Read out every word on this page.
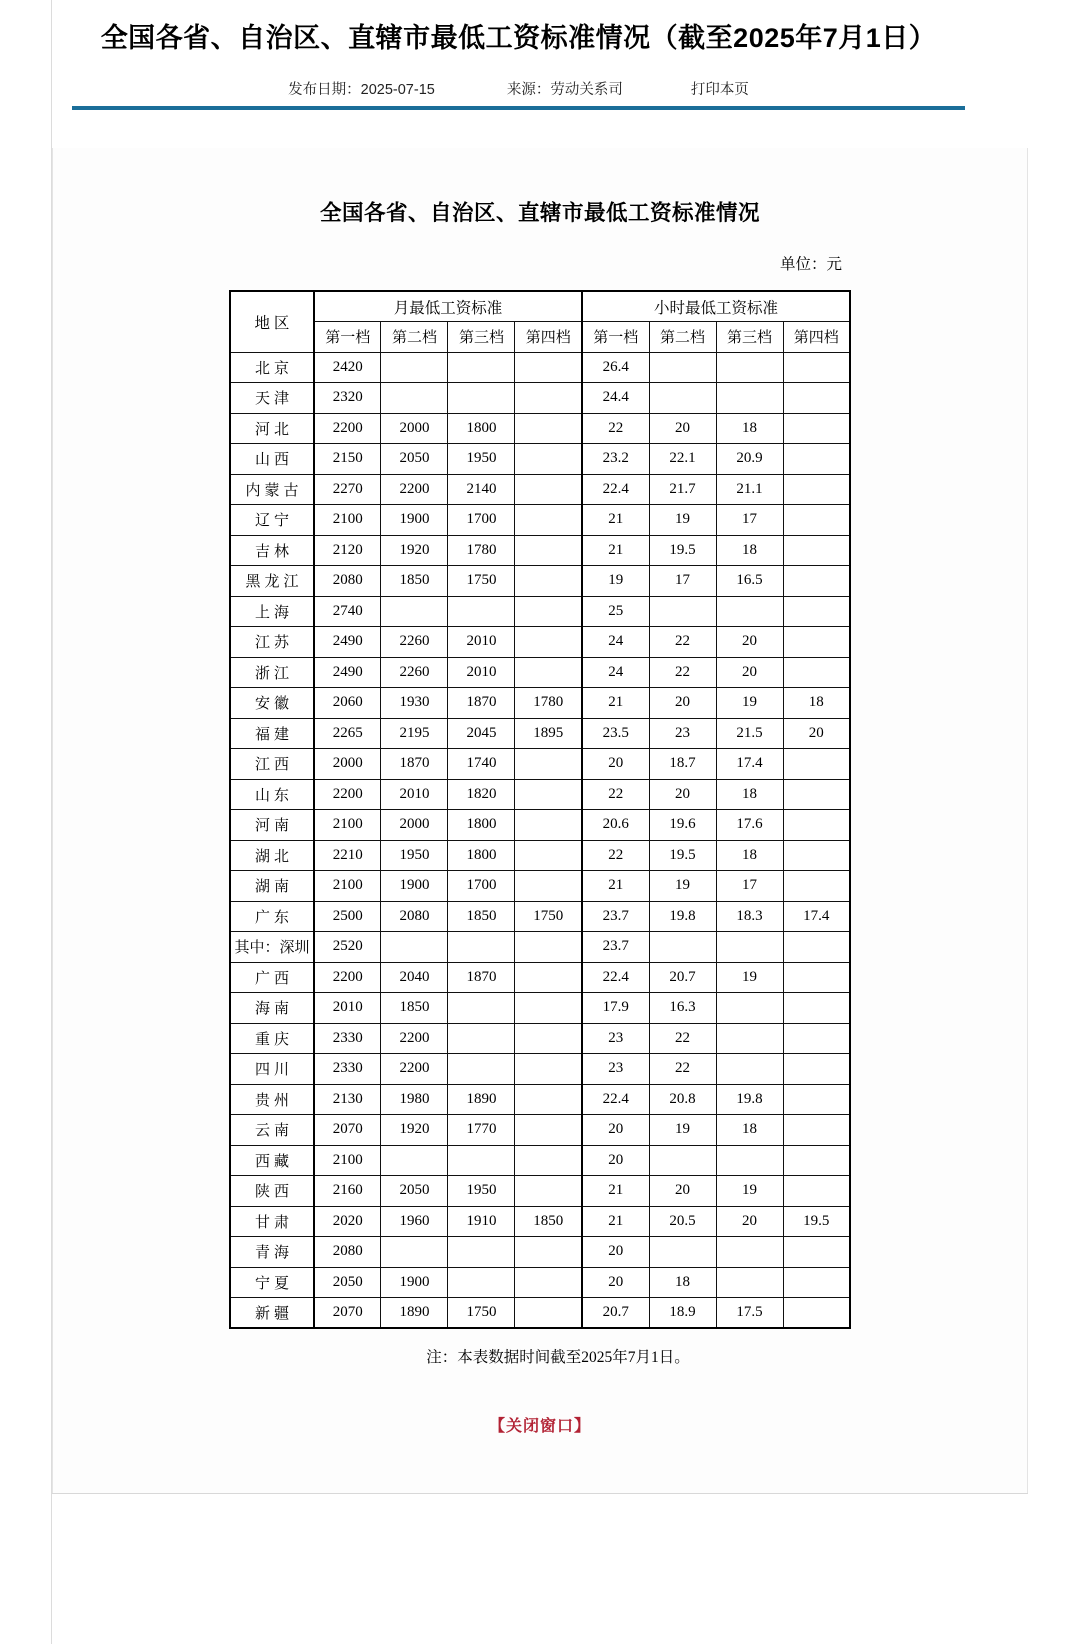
全国各省、自治区、直辖市最低工资标准情况（截至2025年7月1日）
发布日期：2025-07-15	来源：劳动关系司	打印本页
全国各省、自治区、直辖市最低工资标准情况
单位：元
地 区	月最低工资标准				小时最低工资标准			
	第一档	第二档	第三档	第四档	第一档	第二档	第三档	第四档
北京	2420				26.4			
天津	2320				24.4			
河北	2200	2000	1800		22	20	18	
山西	2150	2050	1950		23.2	22.1	20.9	
内蒙古	2270	2200	2140		22.4	21.7	21.1	
辽宁	2100	1900	1700		21	19	17	
吉林	2120	1920	1780		21	19.5	18	
黑龙江	2080	1850	1750		19	17	16.5	
上海	2740				25			
江苏	2490	2260	2010		24	22	20	
浙江	2490	2260	2010		24	22	20	
安徽	2060	1930	1870	1780	21	20	19	18
福建	2265	2195	2045	1895	23.5	23	21.5	20
江西	2000	1870	1740		20	18.7	17.4	
山东	2200	2010	1820		22	20	18	
河南	2100	2000	1800		20.6	19.6	17.6	
湖北	2210	1950	1800		22	19.5	18	
湖南	2100	1900	1700		21	19	17	
广东	2500	2080	1850	1750	23.7	19.8	18.3	17.4
其中：深圳	2520				23.7			
广西	2200	2040	1870		22.4	20.7	19	
海南	2010	1850			17.9	16.3		
重庆	2330	2200			23	22		
四川	2330	2200			23	22		
贵州	2130	1980	1890		22.4	20.8	19.8	
云南	2070	1920	1770		20	19	18	
西藏	2100				20			
陕西	2160	2050	1950		21	20	19	
甘肃	2020	1960	1910	1850	21	20.5	20	19.5
青海	2080				20			
宁夏	2050	1900			20	18		
新疆	2070	1890	1750		20.7	18.9	17.5	
注：本表数据时间截至2025年7月1日。
【关闭窗口】
